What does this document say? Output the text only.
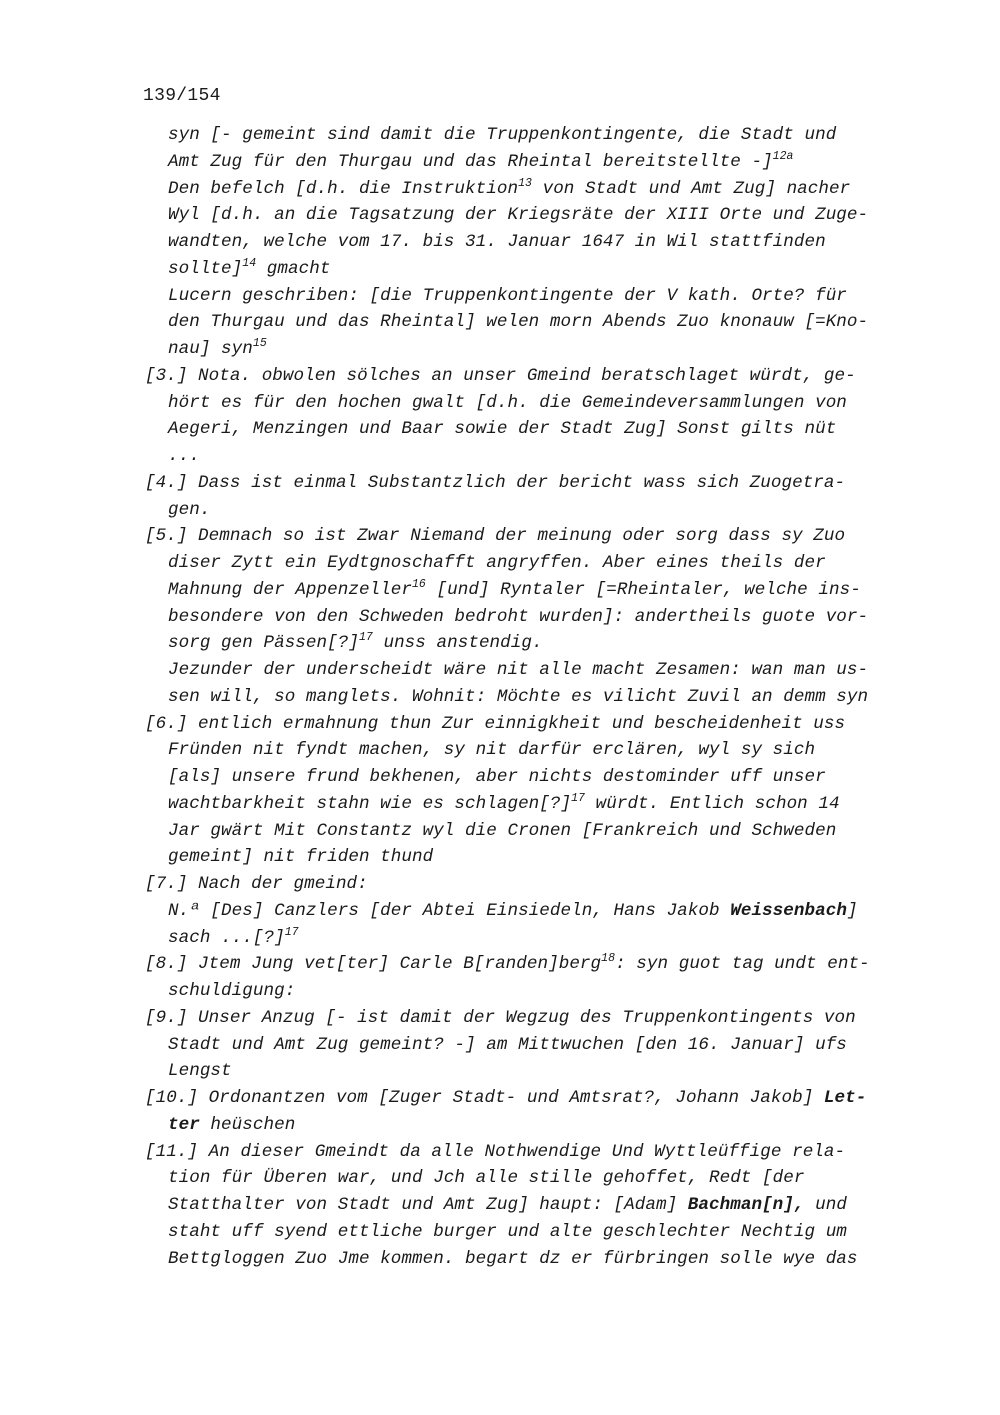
139/154
syn [- gemeint sind damit die Truppenkontingente, die Stadt und
Amt Zug für den Thurgau und das Rheintal bereitstellte -]$^{12a}$
Den befelch [d.h. die Instruktion$^{13}$ von Stadt und Amt Zug] nacher
Wyl [d.h. an die Tagsatzung der Kriegsräte der XIII Orte und Zuge-
wandten, welche vom 17. bis 31. Januar 1647 in Wil stattfinden
sollte]$^{14}$ gmacht
Lucern geschriben: [die Truppenkontingente der V kath. Orte? für
den Thurgau und das Rheintal] welen morn Abends Zuo knonauw [=Kno-
nau] syn$^{15}$
[3.] Nota. obwolen sölches an unser Gmeind beratschlaget würdt, ge-
hört es für den hochen gwalt [d.h. die Gemeindeversammlungen von
Aegeri, Menzingen und Baar sowie der Stadt Zug] Sonst gilts nüt
...
[4.] Dass ist einmal Substantzlich der bericht wass sich Zuogetra-
gen.
[5.] Demnach so ist Zwar Niemand der meinung oder sorg dass sy Zuo
diser Zytt ein Eydtgnoschafft angryffen. Aber eines theils der
Mahnung der Appenzeller$^{16}$ [und] Ryntaler [=Rheintaler, welche ins-
besondere von den Schweden bedroht wurden]: andertheils guote vor-
sorg gen Pässen[?]$^{17}$ unss anstendig.
Jezunder der underscheidt wäre nit alle macht Zesamen: wan man us-
sen will, so manglets. Wohnit: Möchte es vilicht Zuvil an demm syn
[6.] entlich ermahnung thun Zur einnigkheit und bescheidenheit uss
Fründen nit fyndt machen, sy nit darfür erclären, wyl sy sich
[als] unsere frund bekhenen, aber nichts destominder uff unser
wachtbarkheit stahn wie es schlagen[?]$^{17}$ würdt. Entlich schon 14
Jar gwärt Mit Constantz wyl die Cronen [Frankreich und Schweden
gemeint] nit friden thund
[7.] Nach der gmeind:
N.ª [Des] Canzlers [der Abtei Einsiedeln, Hans Jakob Weissenbach]
sach ...[?]$^{17}$
[8.] Jtem Jung vet[ter] Carle B[randen]berg$^{18}$: syn guot tag undt ent-
schuldigung:
[9.] Unser Anzug [- ist damit der Wegzug des Truppenkontingents von
Stadt und Amt Zug gemeint? -] am Mittwuchen [den 16. Januar] ufs
Lengst
[10.] Ordonantzen vom [Zuger Stadt- und Amtsrat?, Johann Jakob] Let-
ter heüschen
[11.] An dieser Gmeindt da alle Nothwendige Und Wyttleüffige rela-
tion für Überen war, und Jch alle stille gehoffet, Redt [der
Statthalter von Stadt und Amt Zug] haupt: [Adam] Bachman[n], und
staht uff syend ettliche burger und alte geschlechter Nechtig um
Bettgloggen Zuo Jme kommen. begart dz er fürbringen solle wye das
